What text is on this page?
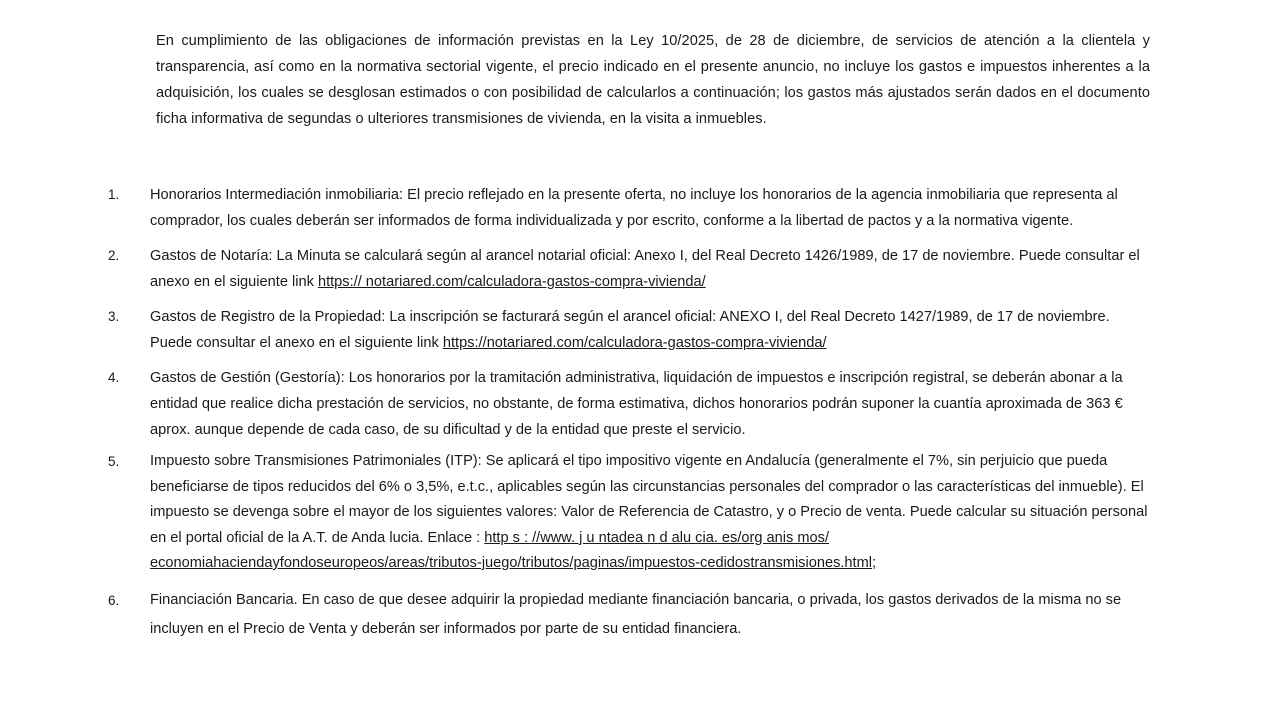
En cumplimiento de las obligaciones de información previstas en la Ley 10/2025, de 28 de diciembre, de servicios de atención a la clientela y transparencia, así como en la normativa sectorial vigente, el precio indicado en el presente anuncio, no incluye los gastos e impuestos inherentes a la adquisición, los cuales se desglosan estimados o con posibilidad de calcularlos a continuación; los gastos más ajustados serán dados en el documento ficha informativa de segundas o ulteriores transmisiones de vivienda, en la visita a inmuebles.

1. Honorarios Intermediación inmobiliaria: El precio reflejado en la presente oferta, no incluye los honorarios de la agencia inmobiliaria que representa al comprador, los cuales deberán ser informados de forma individualizada y por escrito, conforme a la libertad de pactos y a la normativa vigente.
2. Gastos de Notaría: La Minuta se calculará según al arancel notarial oficial: Anexo I, del Real Decreto 1426/1989, de 17 de noviembre. Puede consultar el anexo en el siguiente link https:// notariared.com/calculadora-gastos-compra-vivienda/
3. Gastos de Registro de la Propiedad: La inscripción se facturará según el arancel oficial: ANEXO I, del Real Decreto 1427/1989, de 17 de noviembre. Puede consultar el anexo en el siguiente link https://notariared.com/calculadora-gastos-compra-vivienda/
4. Gastos de Gestión (Gestoría): Los honorarios por la tramitación administrativa, liquidación de impuestos e inscripción registral, se deberán abonar a la entidad que realice dicha prestación de servicios, no obstante, de forma estimativa, dichos honorarios podrán suponer la cuantía aproximada de 363 € aprox. aunque depende de cada caso, de su dificultad y de la entidad que preste el servicio.
5. Impuesto sobre Transmisiones Patrimoniales (ITP): Se aplicará el tipo impositivo vigente en Andalucía (generalmente el 7%, sin perjuicio que pueda beneficiarse de tipos reducidos del 6% o 3,5%, e.t.c., aplicables según las circunstancias personales del comprador o las características del inmueble). El impuesto se devenga sobre el mayor de los siguientes valores: Valor de Referencia de Catastro, y o Precio de venta. Puede calcular su situación personal en el portal oficial de la A.T. de Anda lucia. Enlace : http s : //www. j u ntadea n d alu cia. es/org anis mos/ economiahaciendayfondoseuropeos/areas/tributos-juego/tributos/paginas/impuestos-cedidostransmisiones.html;
6. Financiación Bancaria. En caso de que desee adquirir la propiedad mediante financiación bancaria, o privada, los gastos derivados de la misma no se incluyen en el Precio de Venta y deberán ser informados por parte de su entidad financiera.
